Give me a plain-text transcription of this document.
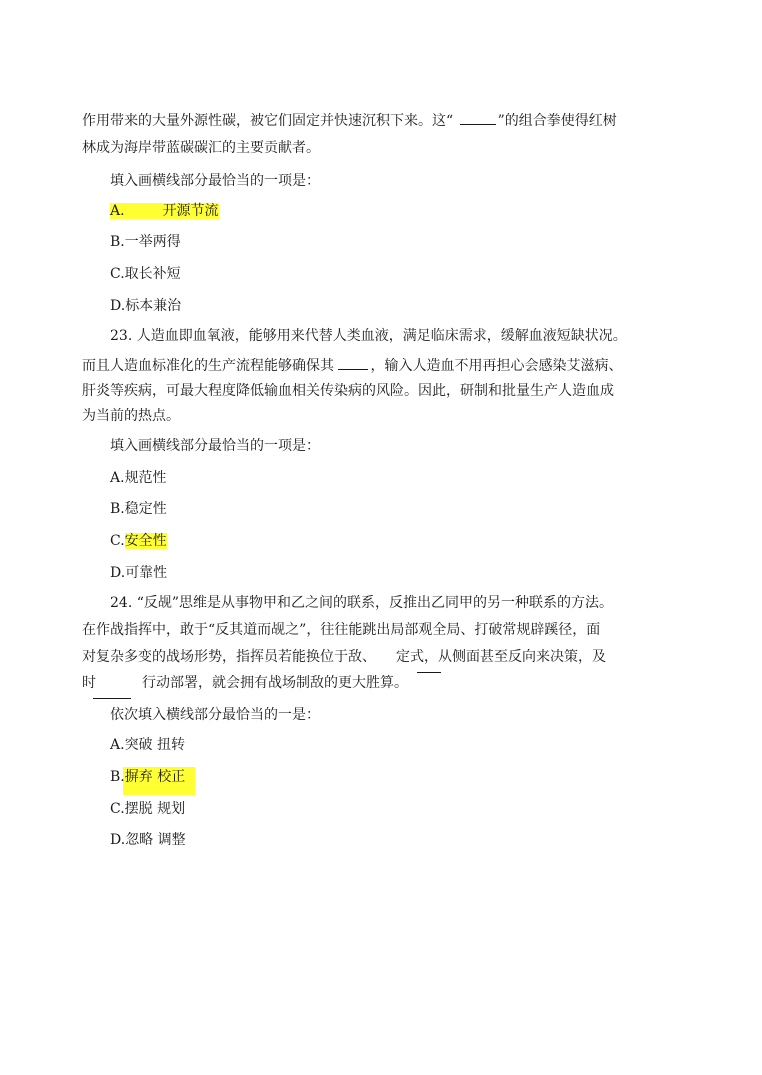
作用带来的大量外源性碳，被它们固定并快速沉积下来。这“	”的组合拳使得红树
林成为海岸带蓝碳碳汇的主要贡献者。
填入画横线部分最恰当的一项是：
A.	开源节流
B.一举两得
C.取长补短
D.标本兼治
23. 人造血即血氧液，能够用来代替人类血液，满足临床需求，缓解血液短缺状况。
而且人造血标准化的生产流程能够确保其 ，输入人造血不用再担心会感染艾滋病、
肝炎等疾病，可最大程度降低输血相关传染病的风险。因此，研制和批量生产人造血成
为当前的热点。
填入画横线部分最恰当的一项是：
A.规范性
B.稳定性
C.安全性
D.可靠性
24. “反觇”思维是从事物甲和乙之间的联系，反推出乙同甲的另一种联系的方法。
在作战指挥中，敢于“反其道而觇之”，往往能跳出局部观全局、打破常规辟蹊径，面
对复杂多变的战场形势，指挥员若能换位于敌、 定式，从侧面甚至反向来决策，及
时	行动部署，就会拥有战场制敌的更大胜算。
依次填入横线部分最恰当的一是：
A.突破 扭转
B.摒弃 校正
C.摆脱 规划
D.忽略 调整
